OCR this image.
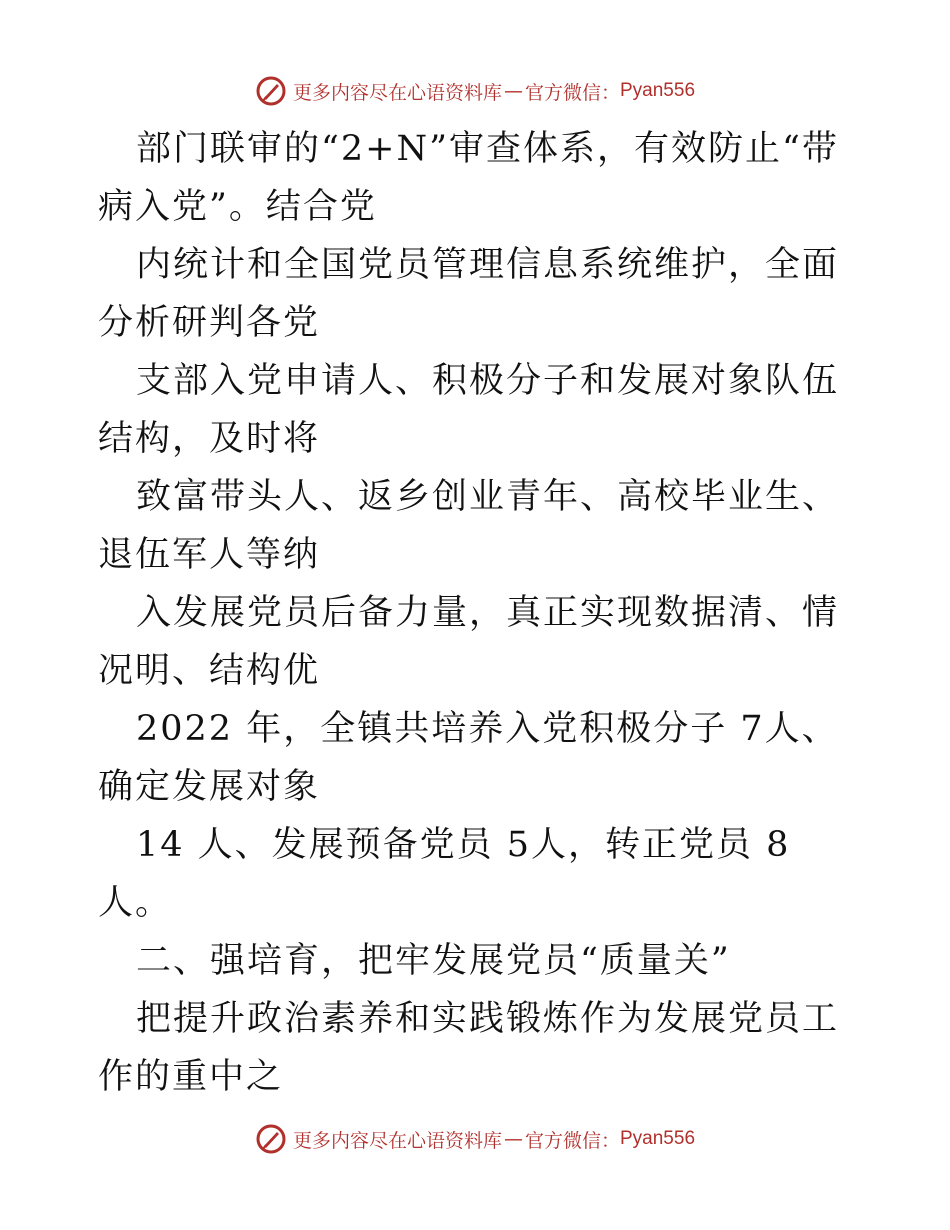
更多内容尽在心语资料库 — 官方微信： Pyan556

部门联审的“2+N”审查体系，有效防止“带病入党”。结合党

内统计和全国党员管理信息系统维护，全面分析研判各党

支部入党申请人、积极分子和发展对象队伍结构，及时将

致富带头人、返乡创业青年、高校毕业生、退伍军人等纳

入发展党员后备力量，真正实现数据清、情况明、结构优

2022 年，全镇共培养入党积极分子 7人、确定发展对象

14 人、发展预备党员 5人，转正党员 8人。

二、强培育，把牢发展党员“质量关”

把提升政治素养和实践锻炼作为发展党员工作的重中之

更多内容尽在心语资料库 — 官方微信： Pyan556
